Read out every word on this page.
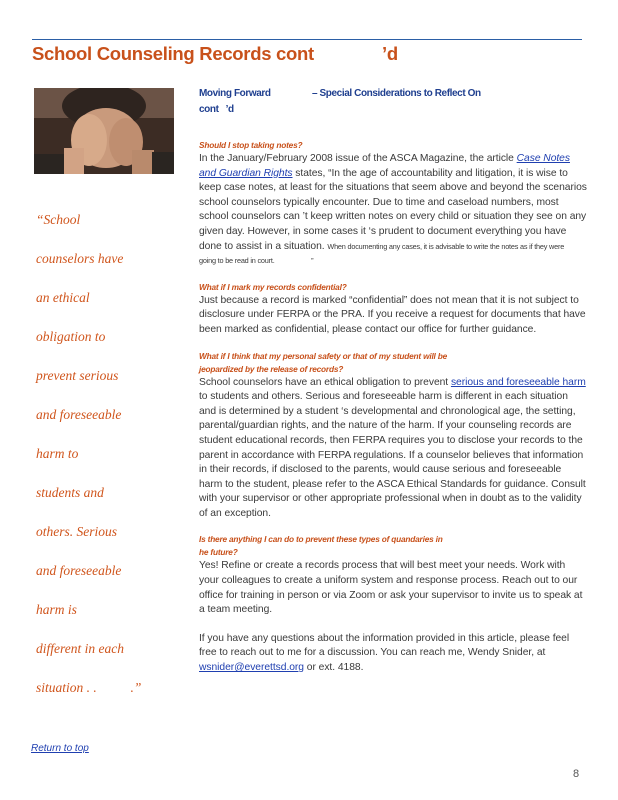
School Counseling Records cont	’d
“School
counselors have
an ethical
obligation to
prevent serious
and foreseeable
harm to
students and
others. Serious
and foreseeable
harm is
different in each
situation . .          .”
Moving Forward	– Special Considerations to Reflect On
cont   ’d
Should I stop taking notes?
In the January/February 2008 issue of the ASCA Magazine, the article Case Notes and Guardian Rights states, “In the age of accountability and litigation, it is wise to keep case notes, at least for the situations that seem above and beyond the scenarios school counselors typically encounter. Due to time and caseload numbers, most school counselors can ’t keep written notes on every child or situation they see on any given day. However, in some cases it ‘s prudent to document everything you have done to assist in a situation. When documenting any cases, it is advisable to write the notes as if they were
going to be read in court.                    ”
What if I mark my records confidential?
Just because a record is marked “confidential” does not mean that it is not subject to disclosure under FERPA or the PRA. If you receive a request for documents that have been marked as confidential, please contact our office for further guidance.
What if I think that my personal safety or that of my student will be
jeopardized by the release of records?
School counselors have an ethical obligation to prevent serious and foreseeable harm to students and others. Serious and foreseeable harm is different in each situation and is determined by a student ‘s developmental and chronological age, the setting, parental/guardian rights, and the nature of the harm. If your counseling records are student educational records, then FERPA requires you to disclose your records to the parent in accordance with FERPA regulations. If a counselor believes that information in their records, if disclosed to the parents, would cause serious and foreseeable harm to the student, please refer to the ASCA Ethical Standards for guidance. Consult with your supervisor or other appropriate professional when in doubt as to the validity of an exception.
Is there anything I can do to prevent these types of quandaries in
he future?
Yes! Refine or create a records process that will best meet your needs. Work with your colleagues to create a uniform system and response process. Reach out to our office for training in person or via Zoom or ask your supervisor to invite us to speak at a team meeting.
If you have any questions about the information provided in this article, please feel free to reach out to me for a discussion. You can reach me, Wendy Snider, at wsnider@everettsd.org or ext. 4188.
Return to top
8
